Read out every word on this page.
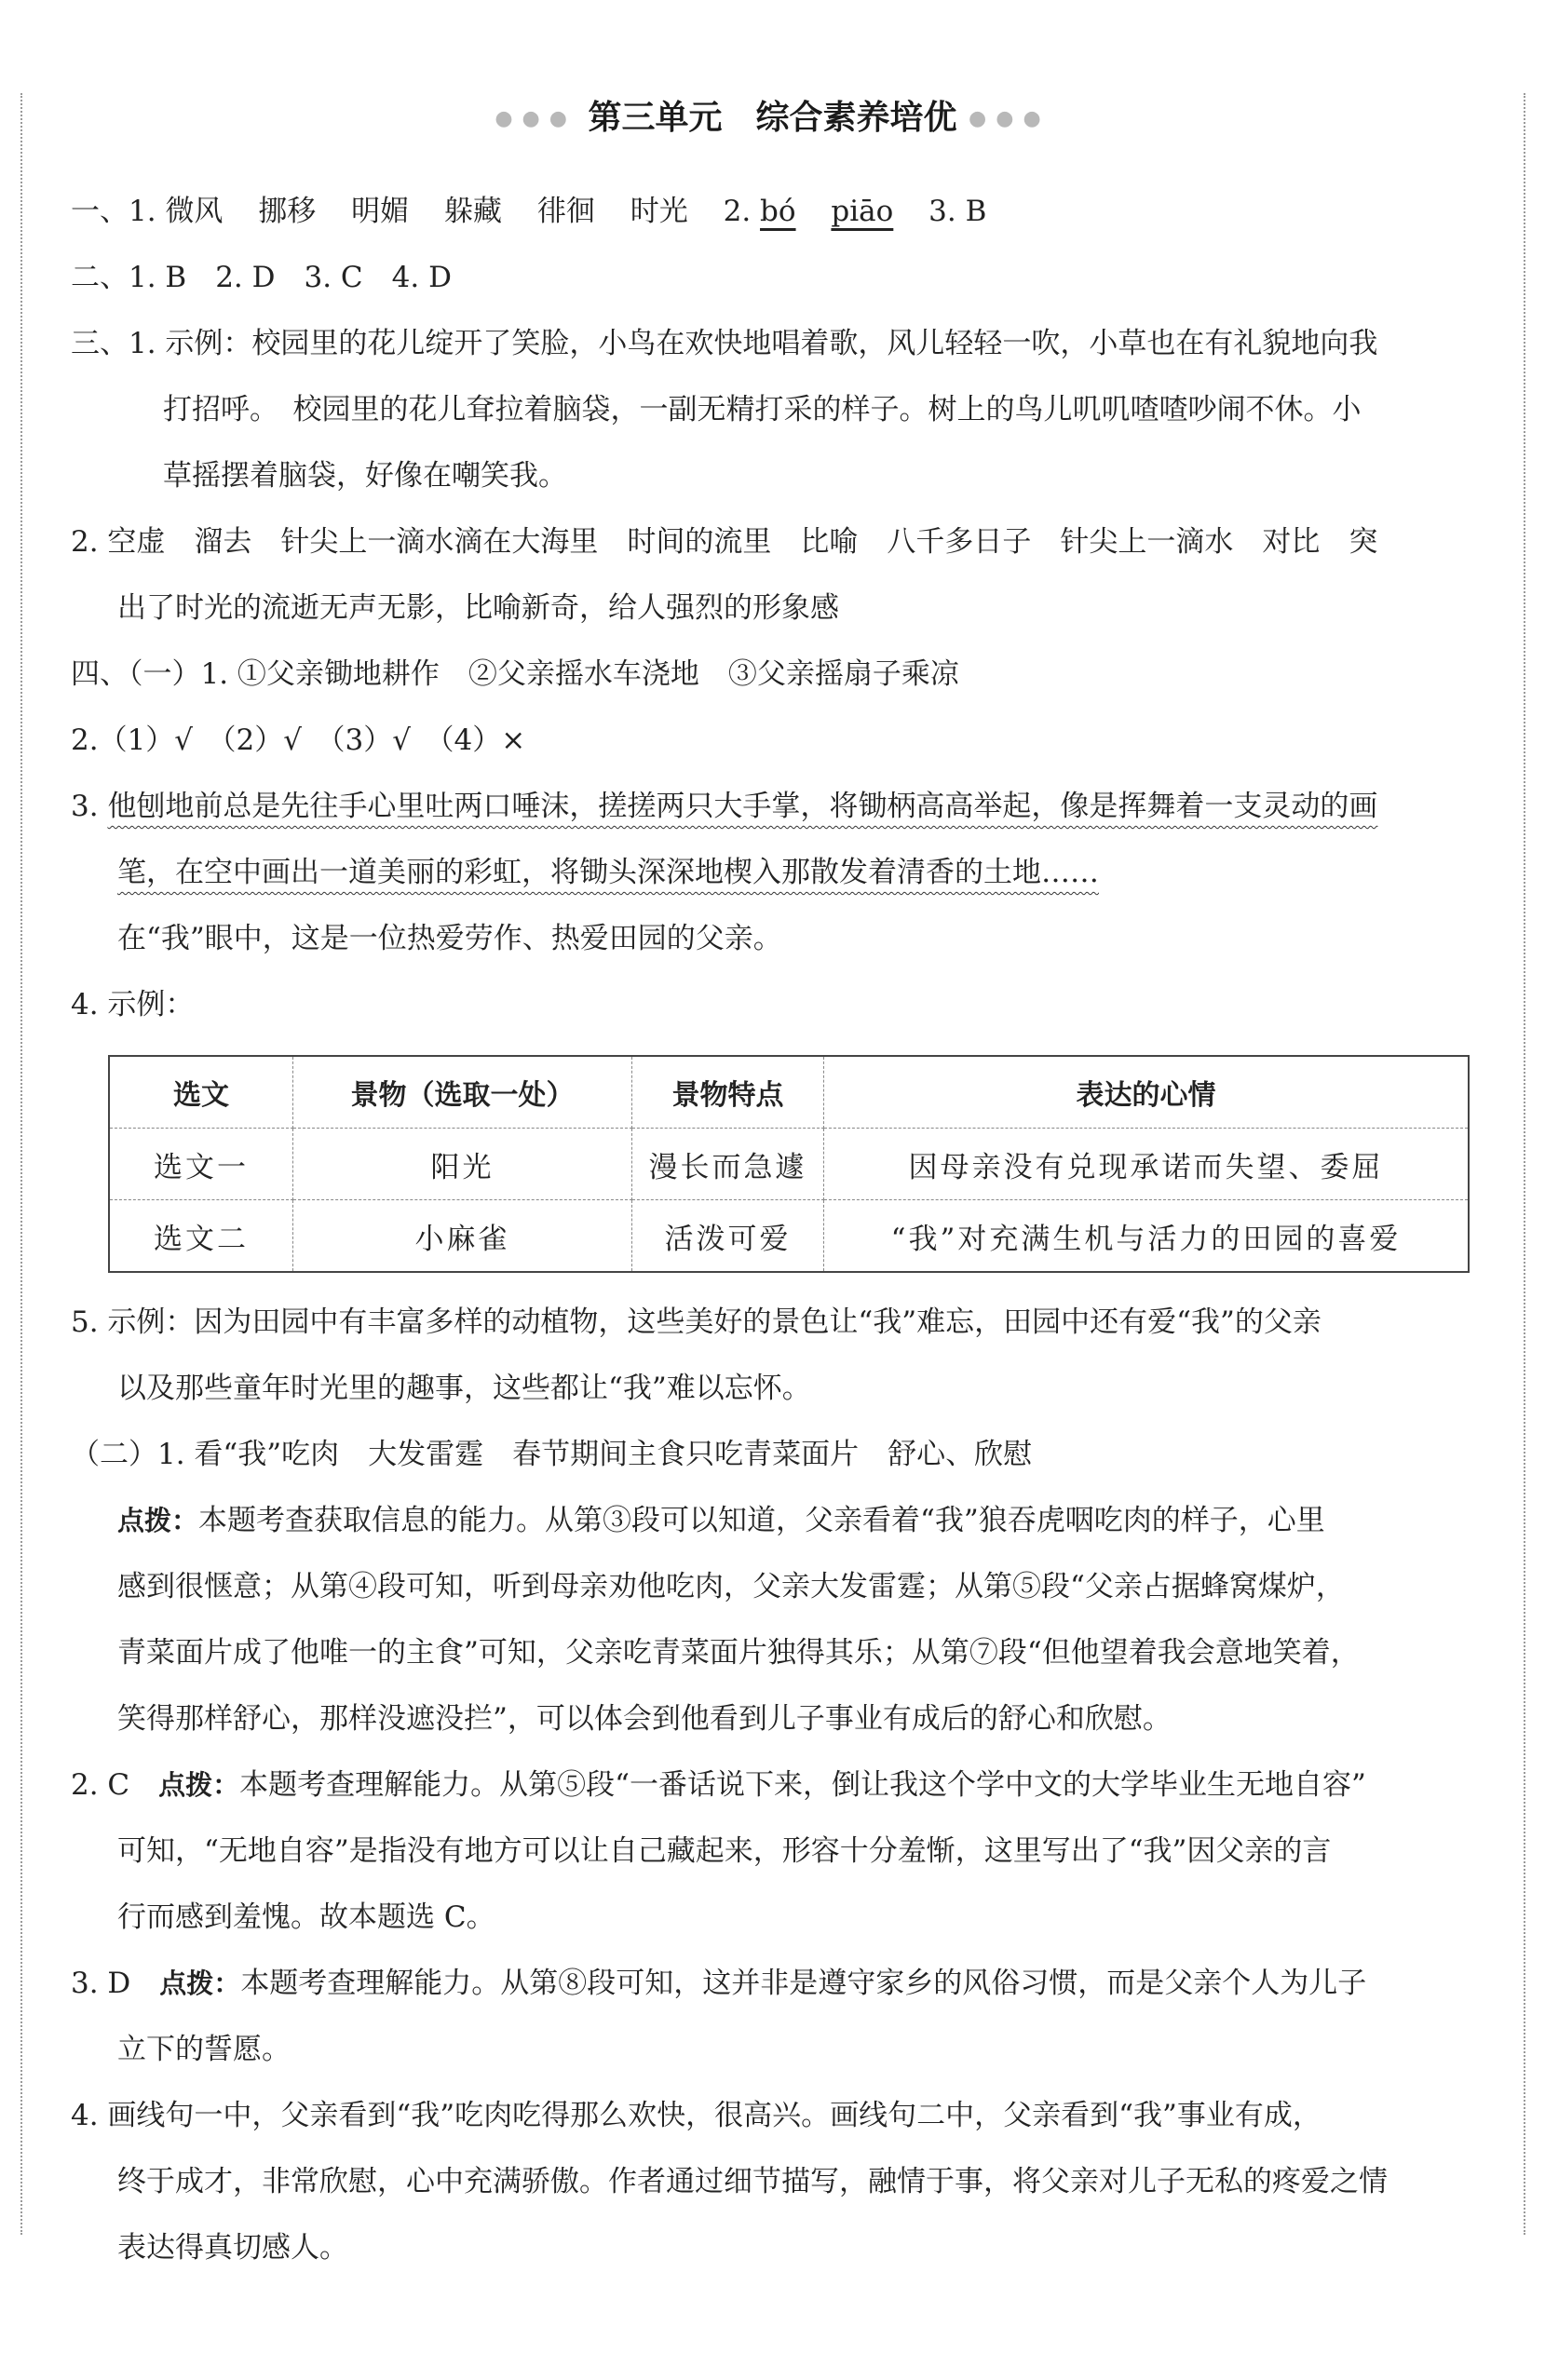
●●● 第三单元　综合素养培优 ●●●
一、1. 微风 挪移 明媚 躲藏 徘徊 时光 2. bó piāo 3. B
二、1. B　2. D　3. C　4. D
三、1. 示例：校园里的花儿绽开了笑脸，小鸟在欢快地唱着歌，风儿轻轻一吹，小草也在有礼貌地向我
打招呼。　校园里的花儿耷拉着脑袋，一副无精打采的样子。树上的鸟儿叽叽喳喳吵闹不休。小
草摇摆着脑袋，好像在嘲笑我。
2. 空虚　溜去　针尖上一滴水滴在大海里　时间的流里　比喻　八千多日子　针尖上一滴水　对比　突
出了时光的流逝无声无影，比喻新奇，给人强烈的形象感
四、（一）1. ①父亲锄地耕作　②父亲摇水车浇地　③父亲摇扇子乘凉
2.（1）√　（2）√　（3）√　（4）×
3. 他刨地前总是先往手心里吐两口唾沫，搓搓两只大手掌，将锄柄高高举起，像是挥舞着一支灵动的画
笔，在空中画出一道美丽的彩虹，将锄头深深地楔入那散发着清香的土地……
在“我”眼中，这是一位热爱劳作、热爱田园的父亲。
4. 示例：
选文	景物（选取一处）	景物特点	表达的心情
选文一	阳光	漫长而急遽	因母亲没有兑现承诺而失望、委屈
选文二	小麻雀	活泼可爱	“我”对充满生机与活力的田园的喜爱
5. 示例：因为田园中有丰富多样的动植物，这些美好的景色让“我”难忘，田园中还有爱“我”的父亲
以及那些童年时光里的趣事，这些都让“我”难以忘怀。
（二）1. 看“我”吃肉　大发雷霆　春节期间主食只吃青菜面片　舒心、欣慰
点拨：本题考查获取信息的能力。从第③段可以知道，父亲看着“我”狼吞虎咽吃肉的样子，心里
感到很惬意；从第④段可知，听到母亲劝他吃肉，父亲大发雷霆；从第⑤段“父亲占据蜂窝煤炉，
青菜面片成了他唯一的主食”可知，父亲吃青菜面片独得其乐；从第⑦段“但他望着我会意地笑着，
笑得那样舒心，那样没遮没拦”，可以体会到他看到儿子事业有成后的舒心和欣慰。
2. C　点拨：本题考查理解能力。从第⑤段“一番话说下来，倒让我这个学中文的大学毕业生无地自容”
可知，“无地自容”是指没有地方可以让自己藏起来，形容十分羞惭，这里写出了“我”因父亲的言
行而感到羞愧。故本题选 C。
3. D　点拨：本题考查理解能力。从第⑧段可知，这并非是遵守家乡的风俗习惯，而是父亲个人为儿子
立下的誓愿。
4. 画线句一中，父亲看到“我”吃肉吃得那么欢快，很高兴。画线句二中，父亲看到“我”事业有成，
终于成才，非常欣慰，心中充满骄傲。作者通过细节描写，融情于事，将父亲对儿子无私的疼爱之情
表达得真切感人。
